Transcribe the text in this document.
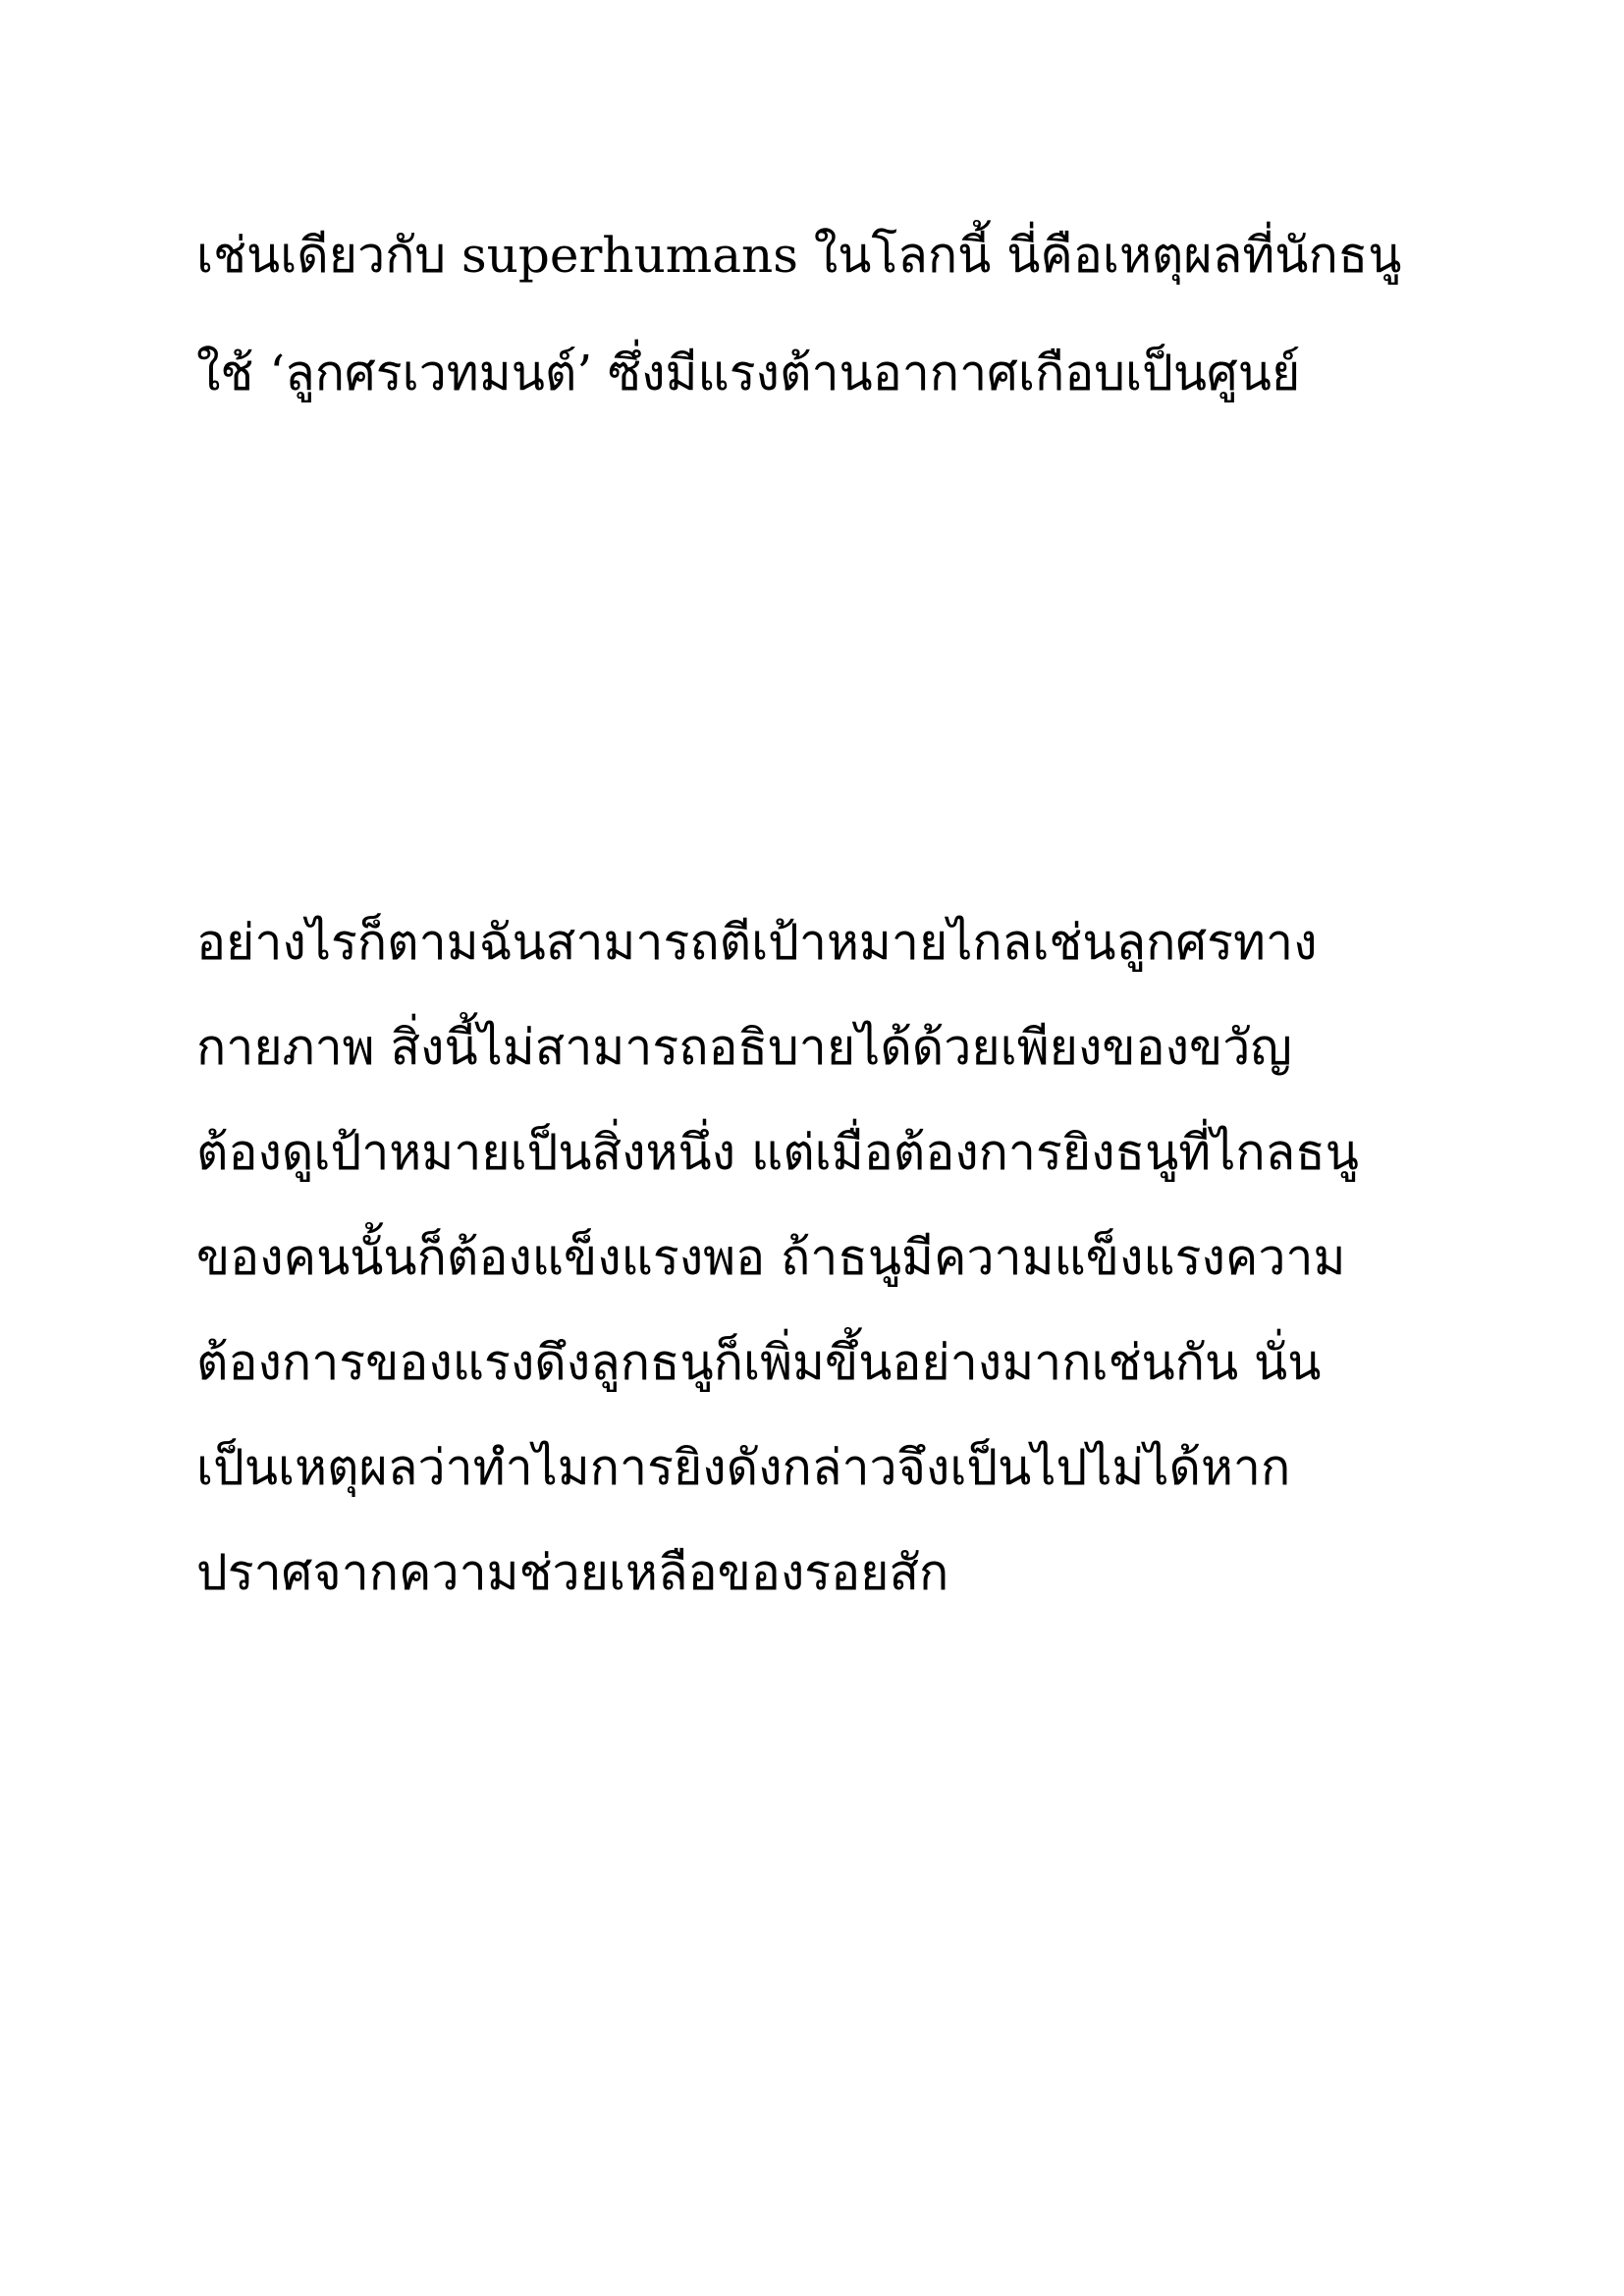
เช่นเดียวกับ superhumans ในโลกนี้ นี่คือเหตุผลที่นักธนู

ใช้ ‘ลูกศรเวทมนต์’ ซึ่งมีแรงต้านอากาศเกือบเป็นศูนย์

อย่างไรก็ตามฉันสามารถตีเป้าหมายไกลเช่นลูกศรทาง

กายภาพ สิ่งนี้ไม่สามารถอธิบายได้ด้วยเพียงของขวัญ

ต้องดูเป้าหมายเป็นสิ่งหนึ่ง แต่เมื่อต้องการยิงธนูที่ไกลธนู

ของคนนั้นก็ต้องแข็งแรงพอ ถ้าธนูมีความแข็งแรงความ

ต้องการของแรงดึงลูกธนูก็เพิ่มขึ้นอย่างมากเช่นกัน นั่น

เป็นเหตุผลว่าทำไมการยิงดังกล่าวจึงเป็นไปไม่ได้หาก

ปราศจากความช่วยเหลือของรอยสัก
